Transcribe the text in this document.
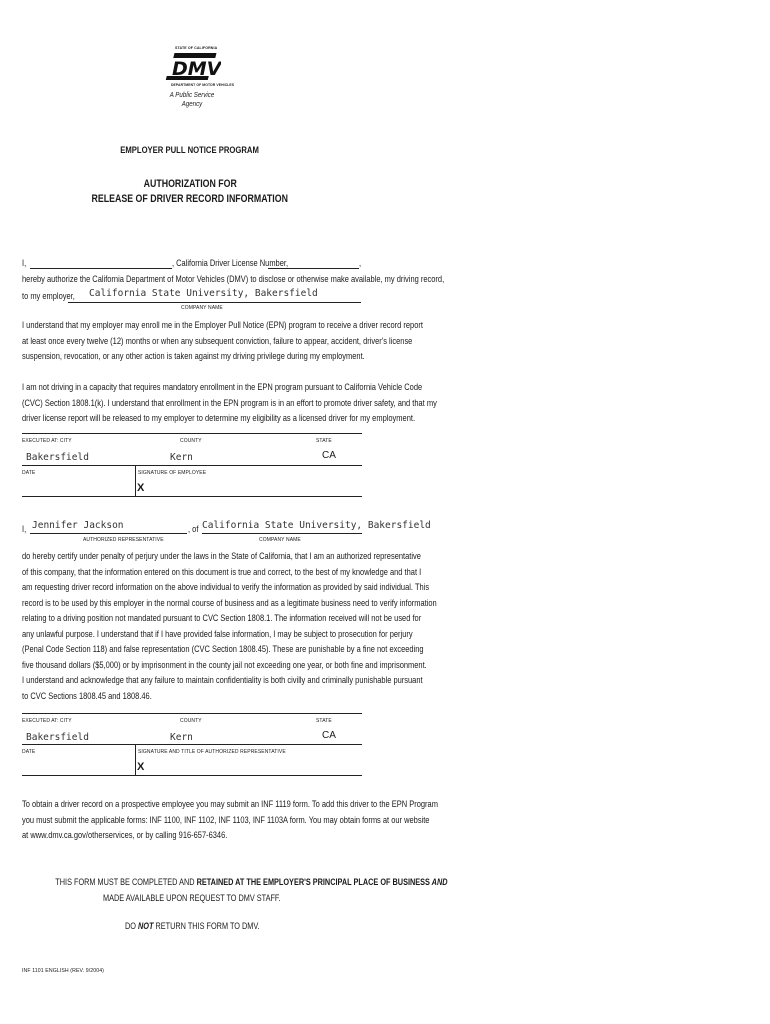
STATE OF CALIFORNIA
DMV
DEPARTMENT OF MOTOR VEHICLES
A Public Service Agency
EMPLOYER PULL NOTICE PROGRAM
AUTHORIZATION FOR
RELEASE OF DRIVER RECORD INFORMATION
I,	, California Driver License Number,	,
hereby authorize the California Department of Motor Vehicles (DMV) to disclose or otherwise make available, my driving record,
to my employer, California State University, Bakersfield
COMPANY NAME
I understand that my employer may enroll me in the Employer Pull Notice (EPN) program to receive a driver record report
at least once every twelve (12) months or when any subsequent conviction, failure to appear, accident, driver's license
suspension, revocation, or any other action is taken against my driving privilege during my employment.
I am not driving in a capacity that requires mandatory enrollment in the EPN program pursuant to California Vehicle Code
(CVC) Section 1808.1(k). I understand that enrollment in the EPN program is in an effort to promote driver safety, and that my
driver license report will be released to my employer to determine my eligibility as a licensed driver for my employment.
EXECUTED AT: CITY	COUNTY	STATE
Bakersfield	Kern	CA
DATE	SIGNATURE OF EMPLOYEE
X
I, Jennifer Jackson	, of California State University, Bakersfield
AUTHORIZED REPRESENTATIVE	COMPANY NAME
do hereby certify under penalty of perjury under the laws in the State of California, that I am an authorized representative
of this company, that the information entered on this document is true and correct, to the best of my knowledge and that I
am requesting driver record information on the above individual to verify the information as provided by said individual. This
record is to be used by this employer in the normal course of business and as a legitimate business need to verify information
relating to a driving position not mandated pursuant to CVC Section 1808.1. The information received will not be used for
any unlawful purpose. I understand that if I have provided false information, I may be subject to prosecution for perjury
(Penal Code Section 118) and false representation (CVC Section 1808.45). These are punishable by a fine not exceeding
five thousand dollars ($5,000) or by imprisonment in the county jail not exceeding one year, or both fine and imprisonment.
I understand and acknowledge that any failure to maintain confidentiality is both civilly and criminally punishable pursuant
to CVC Sections 1808.45 and 1808.46.
EXECUTED AT: CITY	COUNTY	STATE
Bakersfield	Kern	CA
DATE	SIGNATURE AND TITLE OF AUTHORIZED REPRESENTATIVE
X
To obtain a driver record on a prospective employee you may submit an INF 1119 form. To add this driver to the EPN Program
you must submit the applicable forms: INF 1100, INF 1102, INF 1103, INF 1103A form. You may obtain forms at our website
at www.dmv.ca.gov/otherservices, or by calling 916-657-6346.
THIS FORM MUST BE COMPLETED AND RETAINED AT THE EMPLOYER'S PRINCIPAL PLACE OF BUSINESS AND
MADE AVAILABLE UPON REQUEST TO DMV STAFF.
DO NOT RETURN THIS FORM TO DMV.
INF 1101 ENGLISH (REV. 9/2004)
